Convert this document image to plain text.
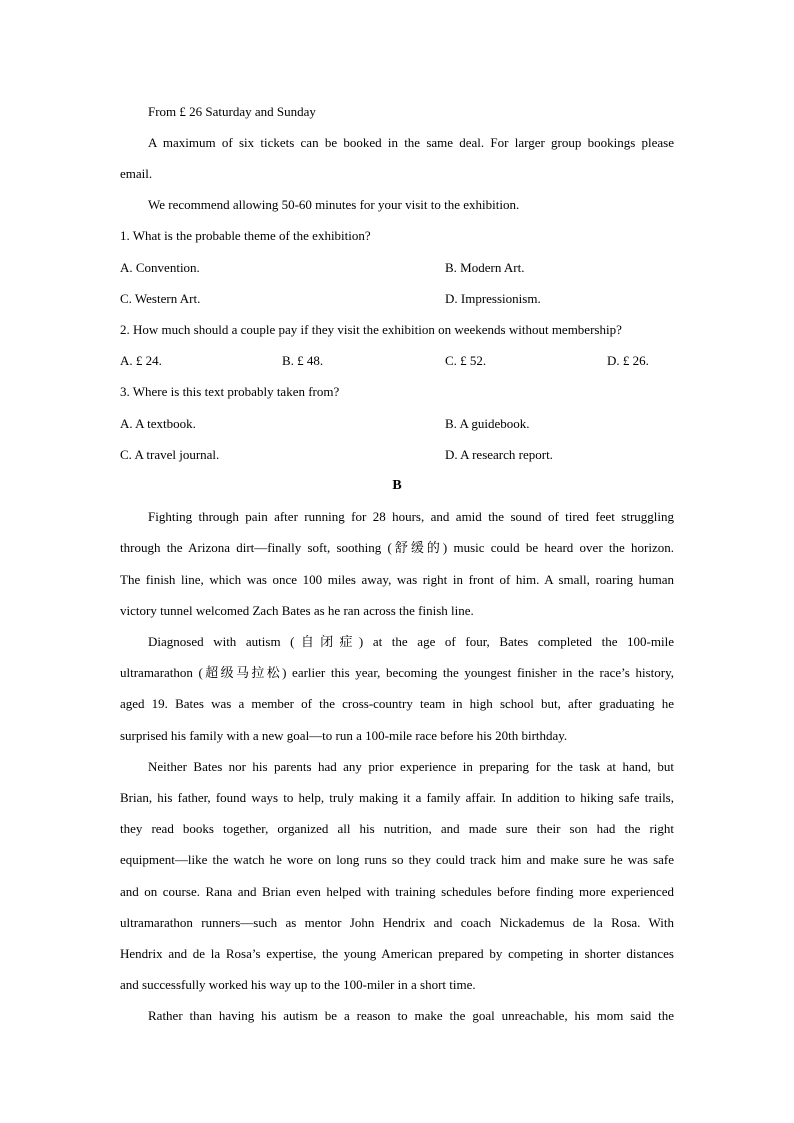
From £ 26 Saturday and Sunday
A maximum of six tickets can be booked in the same deal. For larger group bookings please
email.
We recommend allowing 50-60 minutes for your visit to the exhibition.
1. What is the probable theme of the exhibition?
A. Convention.	B. Modern Art.
C. Western Art.	D. Impressionism.
2. How much should a couple pay if they visit the exhibition on weekends without membership?
A. £ 24.	B. £ 48.	C. £ 52.	D. £ 26.
3. Where is this text probably taken from?
A. A textbook.	B. A guidebook.
C. A travel journal.	D. A research report.
B
Fighting through pain after running for 28 hours, and amid the sound of tired feet struggling
through the Arizona dirt—finally soft, soothing (舒缓的) music could be heard over the horizon.
The finish line, which was once 100 miles away, was right in front of him. A small, roaring human
victory tunnel welcomed Zach Bates as he ran across the finish line.
Diagnosed with autism (自闭症) at the age of four, Bates completed the 100-mile
ultramarathon (超级马拉松) earlier this year, becoming the youngest finisher in the race’s history,
aged 19. Bates was a member of the cross-country team in high school but, after graduating he
surprised his family with a new goal—to run a 100-mile race before his 20th birthday.
Neither Bates nor his parents had any prior experience in preparing for the task at hand, but
Brian, his father, found ways to help, truly making it a family affair. In addition to hiking safe trails,
they read books together, organized all his nutrition, and made sure their son had the right
equipment—like the watch he wore on long runs so they could track him and make sure he was safe
and on course. Rana and Brian even helped with training schedules before finding more experienced
ultramarathon runners—such as mentor John Hendrix and coach Nickademus de la Rosa. With
Hendrix and de la Rosa’s expertise, the young American prepared by competing in shorter distances
and successfully worked his way up to the 100-miler in a short time.
Rather than having his autism be a reason to make the goal unreachable, his mom said the
